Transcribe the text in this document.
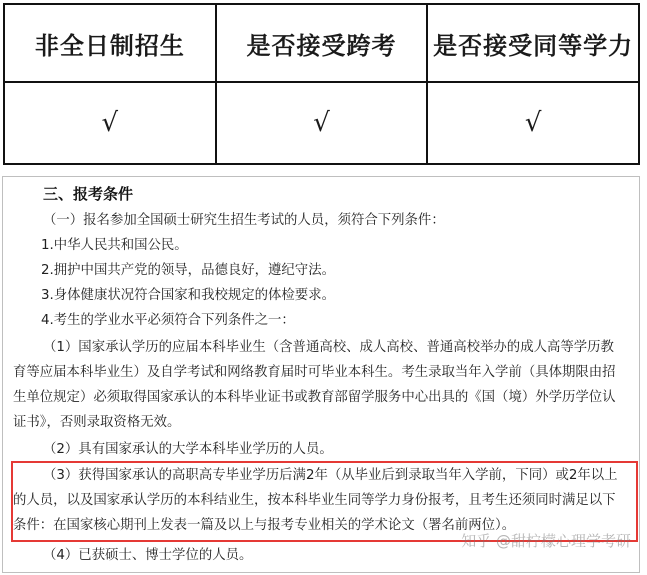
非全日制招生	是否接受跨考	是否接受同等学力
√	√	√
三、报考条件
（一）报名参加全国硕士研究生招生考试的人员，须符合下列条件：
1.中华人民共和国公民。
2.拥护中国共产党的领导，品德良好，遵纪守法。
3.身体健康状况符合国家和我校规定的体检要求。
4.考生的学业水平必须符合下列条件之一：
（1）国家承认学历的应届本科毕业生（含普通高校、成人高校、普通高校举办的成人高等学历教
育等应届本科毕业生）及自学考试和网络教育届时可毕业本科生。考生录取当年入学前（具体期限由招
生单位规定）必须取得国家承认的本科毕业证书或教育部留学服务中心出具的《国（境）外学历学位认
证书》，否则录取资格无效。
（2）具有国家承认的大学本科毕业学历的人员。
（3）获得国家承认的高职高专毕业学历后满2年（从毕业后到录取当年入学前，下同）或2年以上
的人员，以及国家承认学历的本科结业生，按本科毕业生同等学力身份报考，且考生还须同时满足以下
条件：在国家核心期刊上发表一篇及以上与报考专业相关的学术论文（署名前两位）。
（4）已获硕士、博士学位的人员。
知乎 @甜柠檬心理学考研
